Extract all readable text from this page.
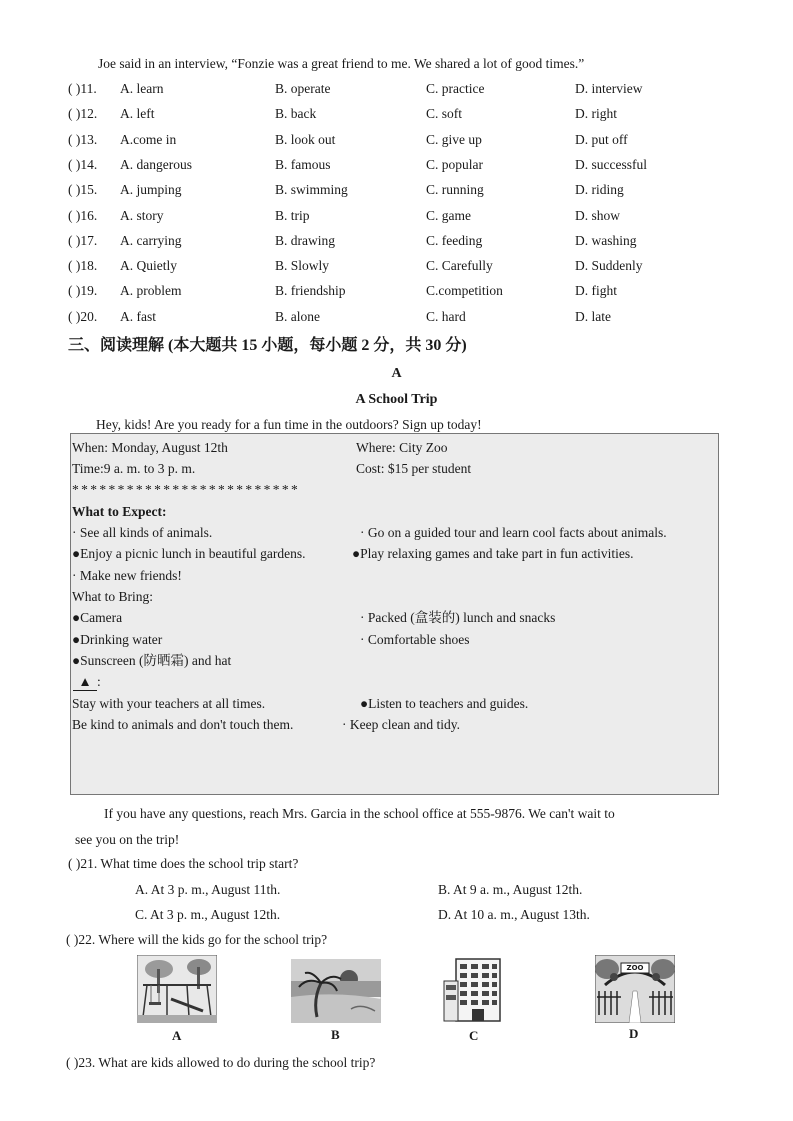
Joe said in an interview, “Fonzie was a great friend to me. We shared a lot of good times.”
( )11. A. learn	B. operate	C. practice	D. interview
( )12. A. left	B. back	C. soft	D. right
( )13. A.come in	B. look out	C. give up	D. put off
( )14. A. dangerous	B. famous	C. popular	D. successful
( )15. A. jumping	B. swimming	C. running	D. riding
( )16. A. story	B. trip	C. game	D. show
( )17. A. carrying	B. drawing	C. feeding	D. washing
( )18. A. Quietly	B. Slowly	C. Carefully	D. Suddenly
( )19. A. problem	B. friendship	C.competition	D. fight
( )20. A. fast	B. alone	C. hard	D. late
三、阅读理解 (本大题共 15 小题，每小题 2 分，共 30 分)
A
A School Trip
Hey, kids! Are you ready for a fun time in the outdoors? Sign up today!
When: Monday, August 12th	Where: City Zoo
Time:9 a. m. to 3 p. m.	Cost: $15 per student
* * * * * * * * * * * * * * * * * * * * * * * * *
What to Expect:
· See all kinds of animals.	· Go on a guided tour and learn cool facts about animals.
●Enjoy a picnic lunch in beautiful gardens.	●Play relaxing games and take part in fun activities.
· Make new friends!
What to Bring:
●Camera	· Packed (盒装的) lunch and snacks
●Drinking water	· Comfortable shoes
●Sunscreen (防晒霜) and hat
▲ :
Stay with your teachers at all times.	●Listen to teachers and guides.
Be kind to animals and don't touch them.	· Keep clean and tidy.
If you have any questions, reach Mrs. Garcia in the school office at 555-9876. We can't wait to
see you on the trip!
( )21. What time does the school trip start?
A. At 3 p. m., August 11th.	B. At 9 a. m., August 12th.
C. At 3 p. m., August 12th.	D. At 10 a. m., August 13th.
( )22. Where will the kids go for the school trip?
A	B	C
ZOO
D
( )23. What are kids allowed to do during the school trip?
